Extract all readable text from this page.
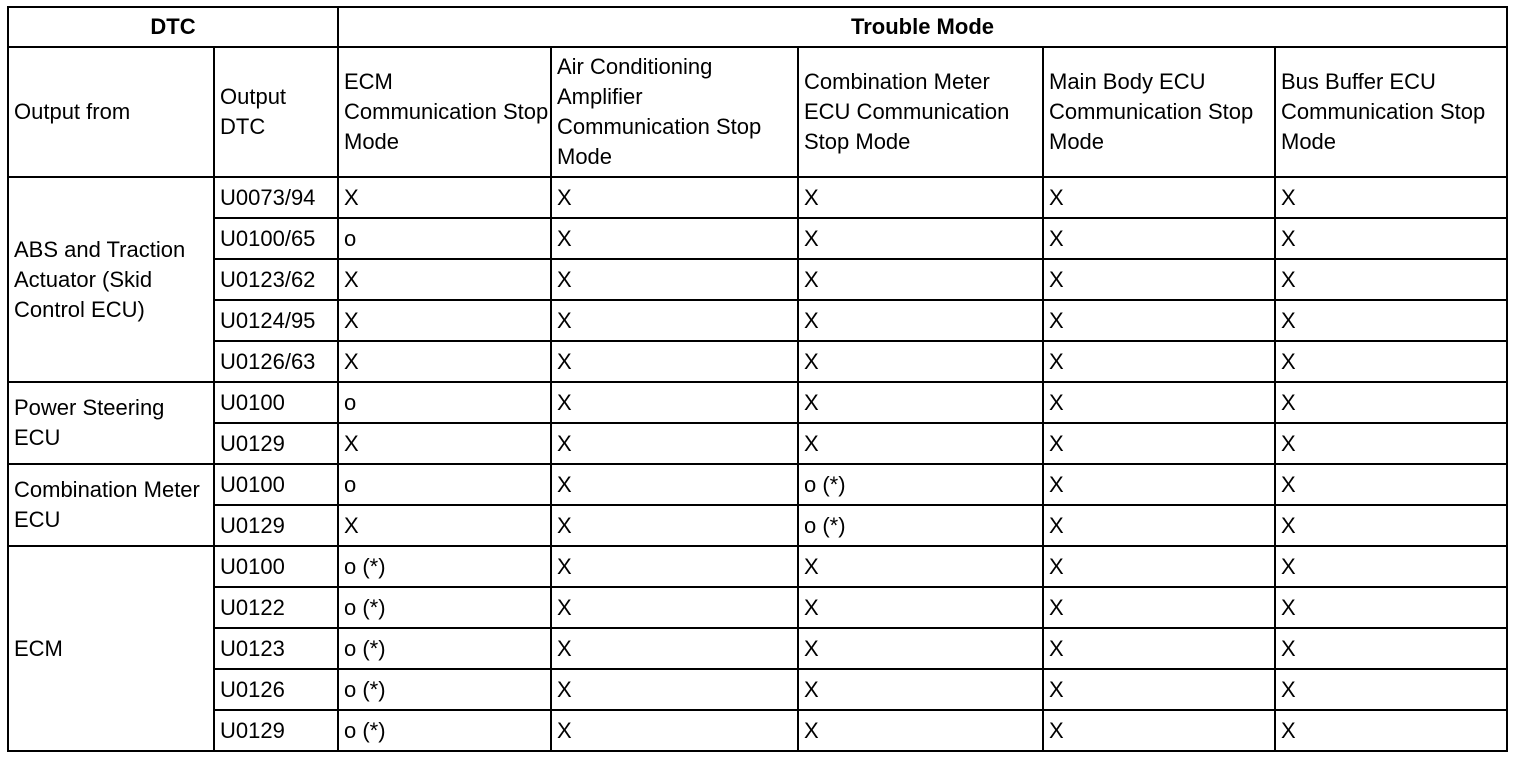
DTC		Trouble Mode				
Output from	Output DTC	ECM Communication Stop Mode	Air Conditioning Amplifier Communication Stop Mode	Combination Meter ECU Communication Stop Mode	Main Body ECU Communication Stop Mode	Bus Buffer ECU Communication Stop Mode
ABS and Traction Actuator (Skid Control ECU)	U0073/94	X	X	X	X	X
	U0100/65	o	X	X	X	X
	U0123/62	X	X	X	X	X
	U0124/95	X	X	X	X	X
	U0126/63	X	X	X	X	X
Power Steering ECU	U0100	o	X	X	X	X
	U0129	X	X	X	X	X
Combination Meter ECU	U0100	o	X	o (*)	X	X
	U0129	X	X	o (*)	X	X
ECM	U0100	o (*)	X	X	X	X
	U0122	o (*)	X	X	X	X
	U0123	o (*)	X	X	X	X
	U0126	o (*)	X	X	X	X
	U0129	o (*)	X	X	X	X
